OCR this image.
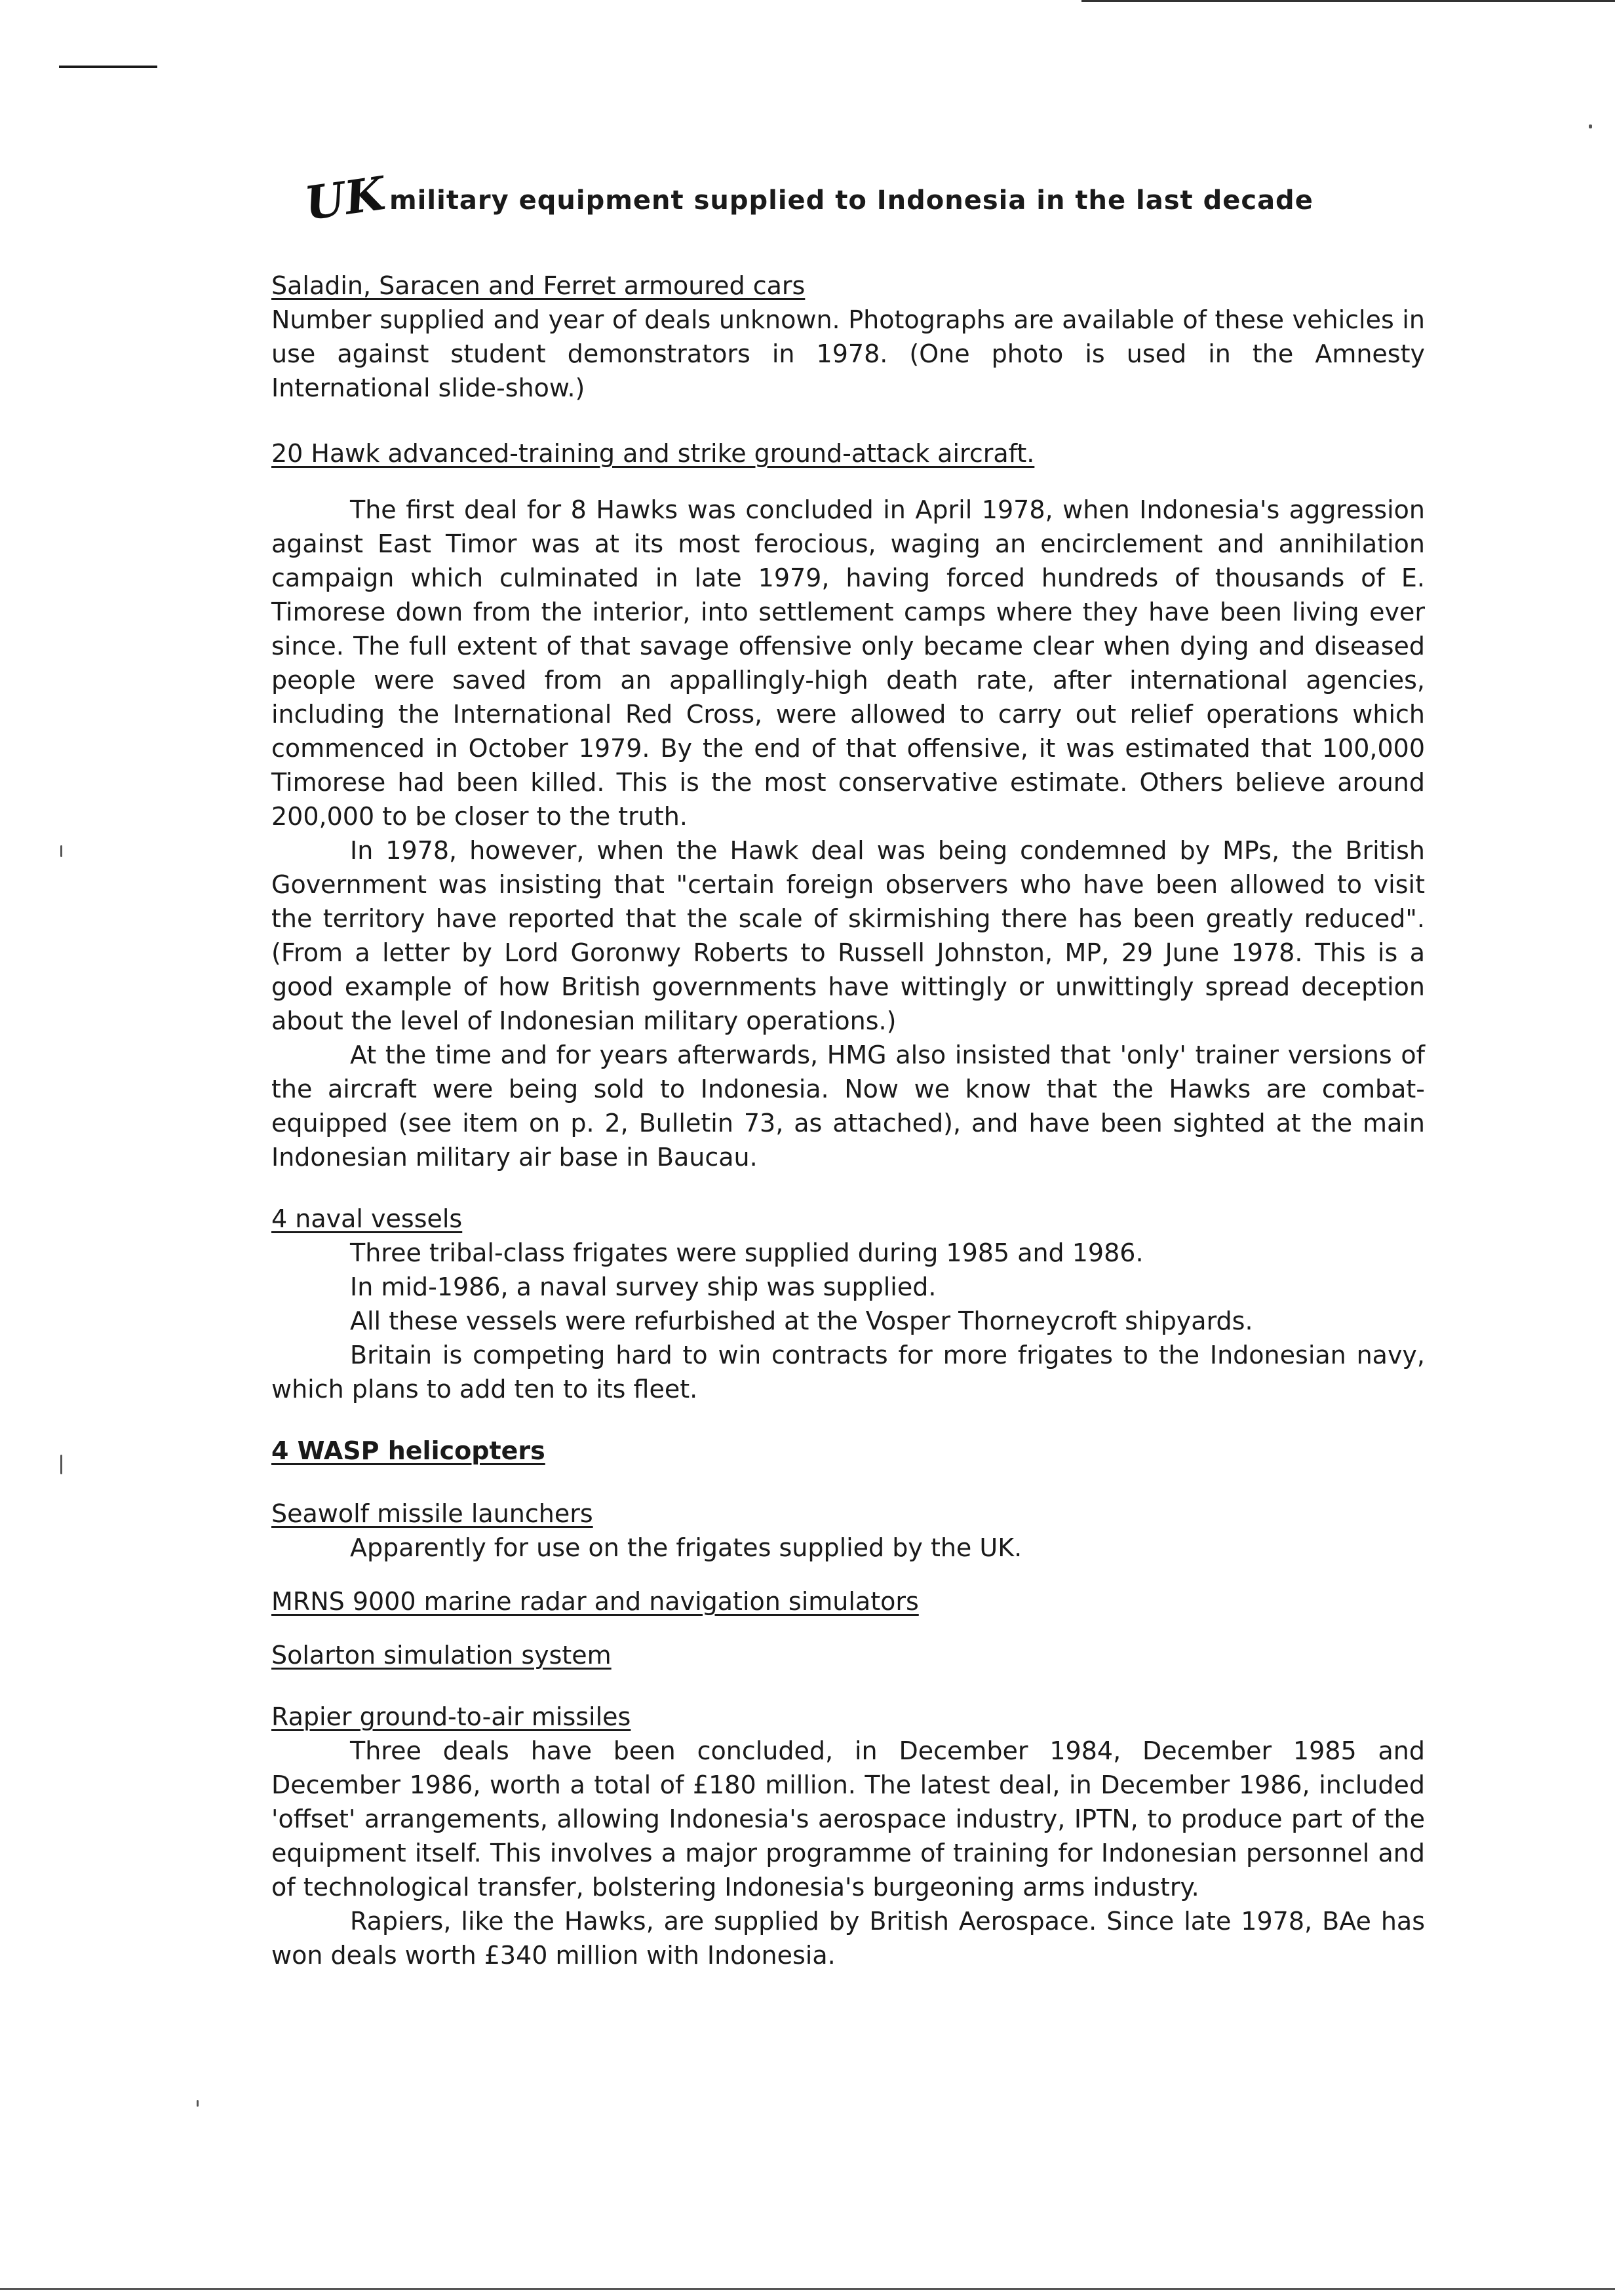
UK military equipment supplied to Indonesia in the last decade
Saladin, Saracen and Ferret armoured cars

Number supplied and year of deals unknown. Photographs are available of these vehicles in use against student demonstrators in 1978. (One photo is used in the Amnesty International slide-show.)

20 Hawk advanced-training and strike ground-attack aircraft.

The first deal for 8 Hawks was concluded in April 1978, when Indonesia's aggression against East Timor was at its most ferocious, waging an encirclement and annihilation campaign which culminated in late 1979, having forced hundreds of thousands of E. Timorese down from the interior, into settlement camps where they have been living ever since. The full extent of that savage offensive only became clear when dying and diseased people were saved from an appallingly-high death rate, after international agencies, including the International Red Cross, were allowed to carry out relief operations which commenced in October 1979. By the end of that offensive, it was estimated that 100,000 Timorese had been killed. This is the most conservative estimate. Others believe around 200,000 to be closer to the truth.

In 1978, however, when the Hawk deal was being condemned by MPs, the British Government was insisting that "certain foreign observers who have been allowed to visit the territory have reported that the scale of skirmishing there has been greatly reduced". (From a letter by Lord Goronwy Roberts to Russell Johnston, MP, 29 June 1978. This is a good example of how British governments have wittingly or unwittingly spread deception about the level of Indonesian military operations.)

At the time and for years afterwards, HMG also insisted that 'only' trainer versions of the aircraft were being sold to Indonesia. Now we know that the Hawks are combat-equipped (see item on p. 2, Bulletin 73, as attached), and have been sighted at the main Indonesian military air base in Baucau.

4 naval vessels
Three tribal-class frigates were supplied during 1985 and 1986.
In mid-1986, a naval survey ship was supplied.
All these vessels were refurbished at the Vosper Thorneycroft shipyards.

Britain is competing hard to win contracts for more frigates to the Indonesian navy, which plans to add ten to its fleet.

4 WASP helicopters
Seawolf missile launchers
Apparently for use on the frigates supplied by the UK.
MRNS 9000 marine radar and navigation simulators
Solarton simulation system
Rapier ground-to-air missiles

Three deals have been concluded, in December 1984, December 1985 and December 1986, worth a total of £180 million. The latest deal, in December 1986, included 'offset' arrangements, allowing Indonesia's aerospace industry, IPTN, to produce part of the equipment itself. This involves a major programme of training for Indonesian personnel and of technological transfer, bolstering Indonesia's burgeoning arms industry.

Rapiers, like the Hawks, are supplied by British Aerospace. Since late 1978, BAe has won deals worth £340 million with Indonesia.
